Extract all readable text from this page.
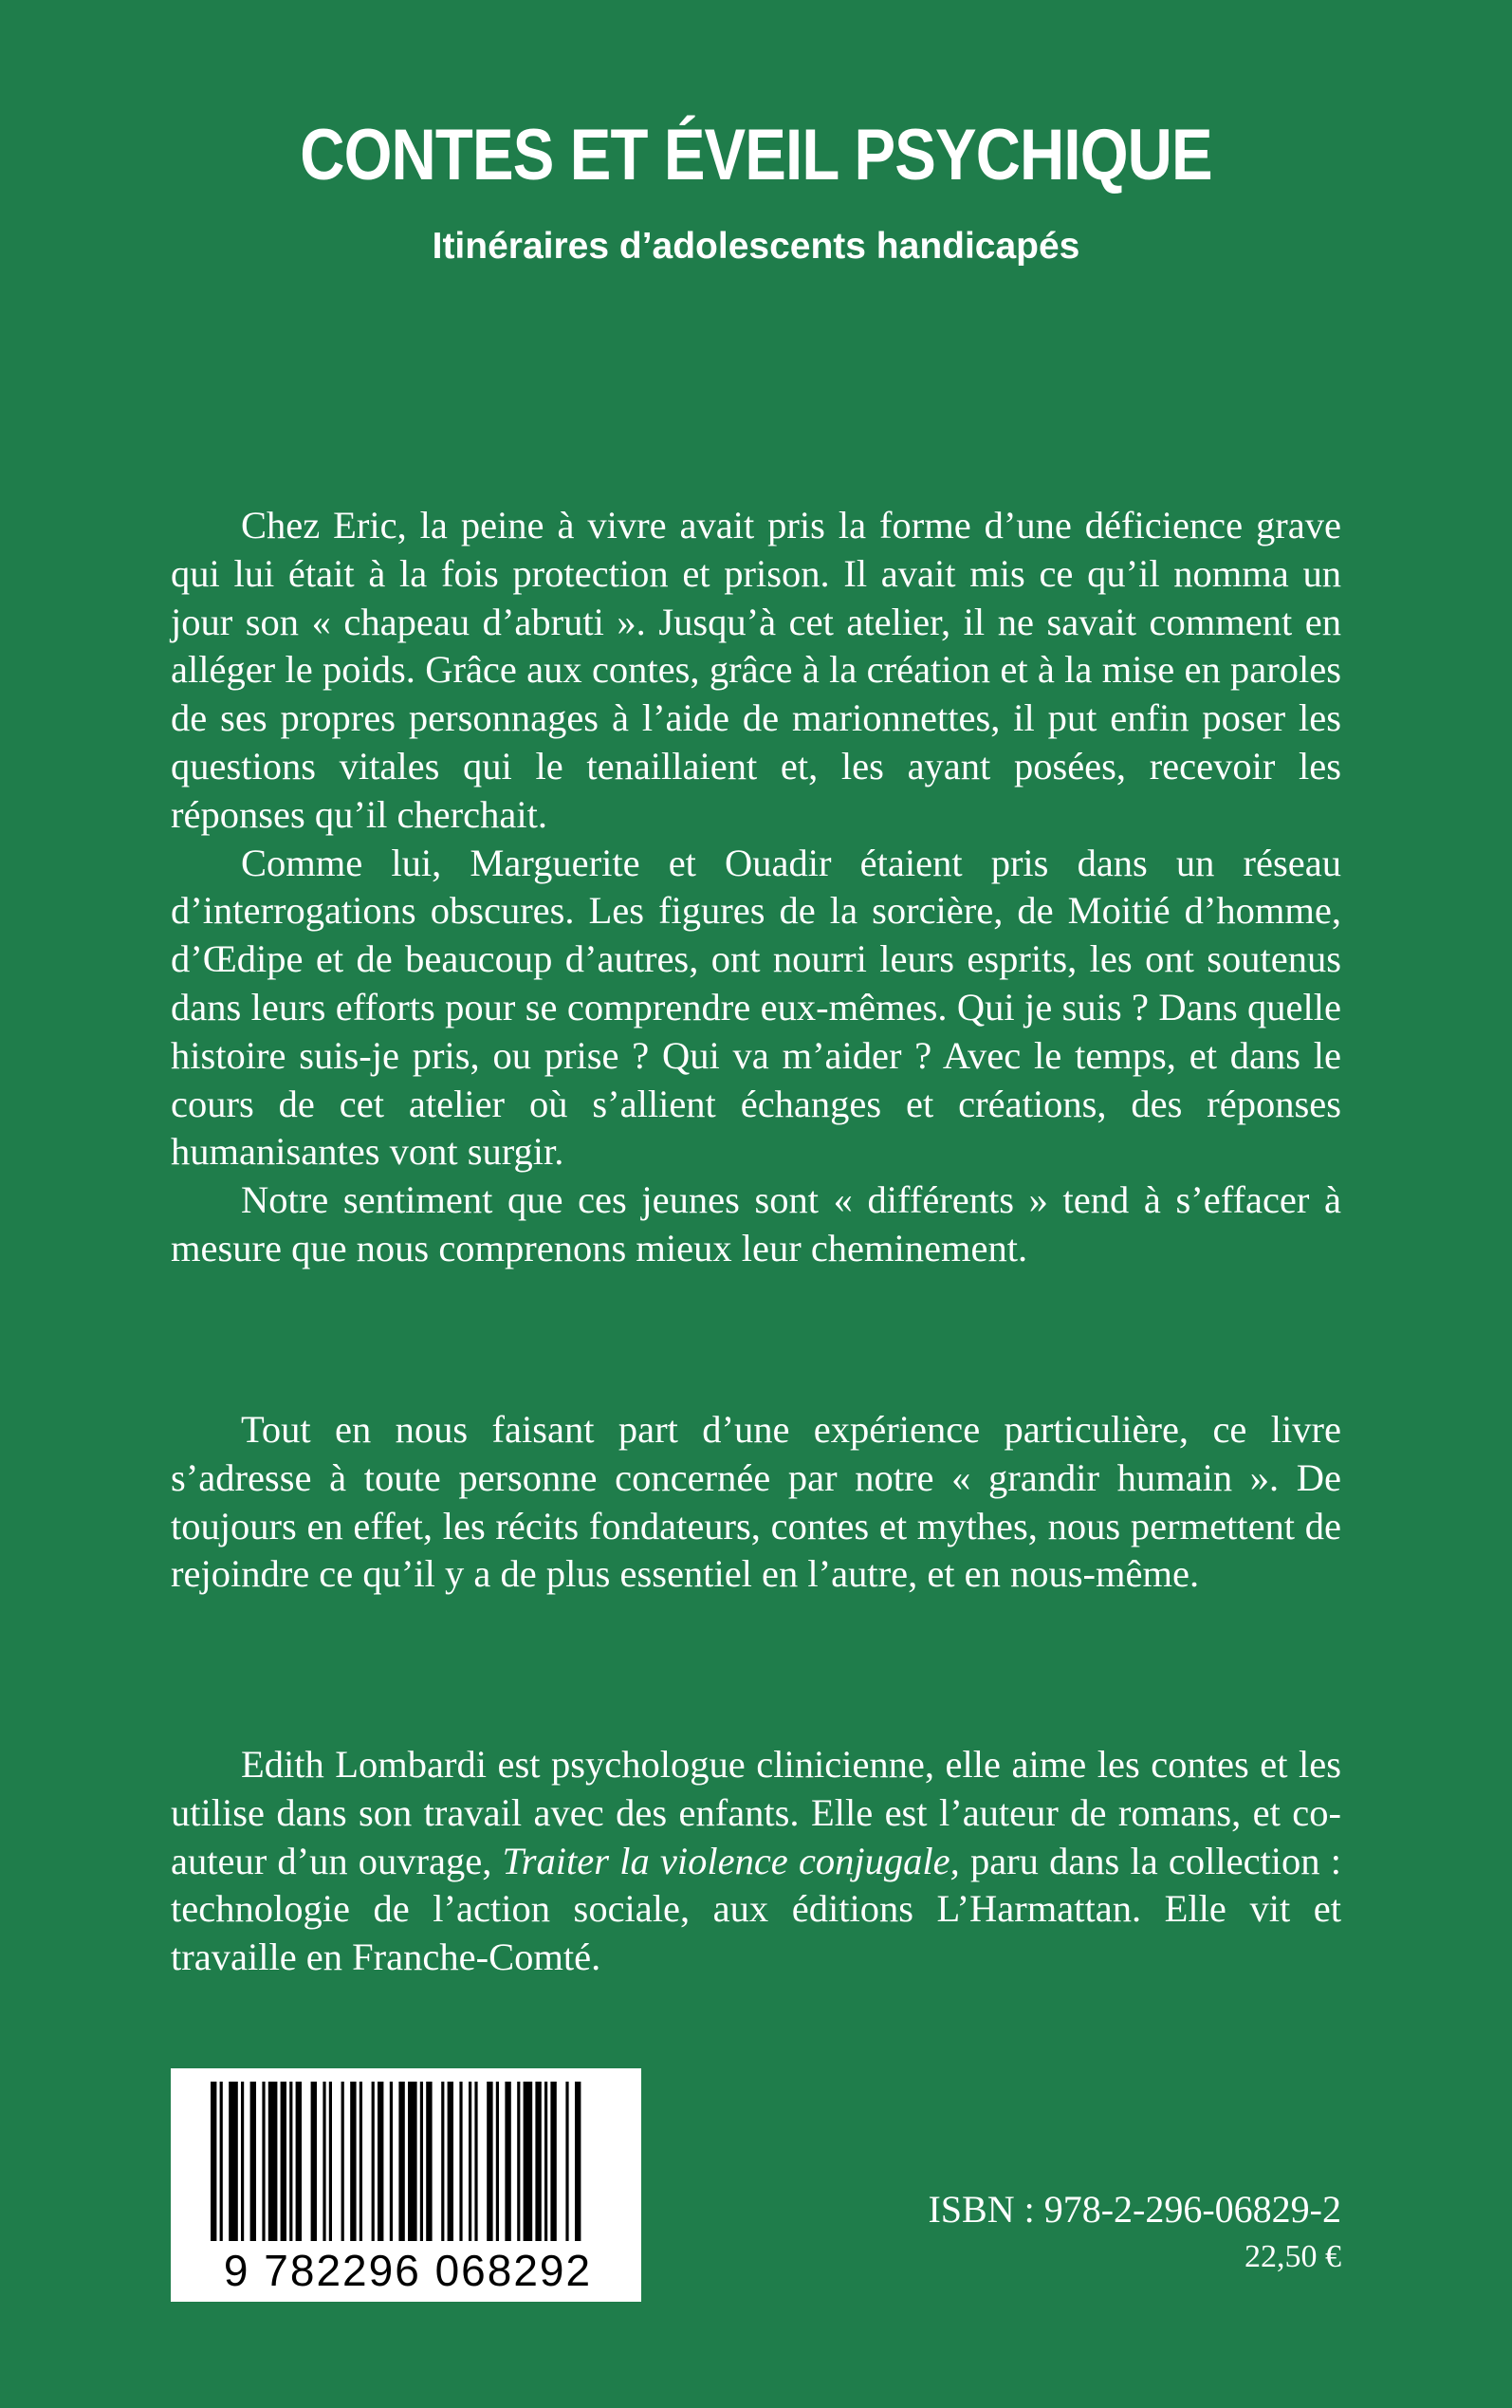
CONTES ET ÉVEIL PSYCHIQUE
Itinéraires d’adolescents handicapés

Chez Eric, la peine à vivre avait pris la forme d’une déficience grave qui lui était à la fois protection et prison. Il avait mis ce qu’il nomma un jour son « chapeau d’abruti ». Jusqu’à cet atelier, il ne savait comment en alléger le poids. Grâce aux contes, grâce à la création et à la mise en paroles de ses propres personnages à l’aide de marionnettes, il put enfin poser les questions vitales qui le tenaillaient et, les ayant posées, recevoir les réponses qu’il cherchait.

Comme lui, Marguerite et Ouadir étaient pris dans un réseau d’interrogations obscures. Les figures de la sorcière, de Moitié d’homme, d’Œdipe et de beaucoup d’autres, ont nourri leurs esprits, les ont soutenus dans leurs efforts pour se comprendre eux-mêmes. Qui je suis ? Dans quelle histoire suis-je pris, ou prise ? Qui va m’aider ? Avec le temps, et dans le cours de cet atelier où s’allient échanges et créations, des réponses humanisantes vont surgir.

Notre sentiment que ces jeunes sont « différents » tend à s’effacer à mesure que nous comprenons mieux leur cheminement.

Tout en nous faisant part d’une expérience particulière, ce livre s’adresse à toute personne concernée par notre « grandir humain ». De toujours en effet, les récits fondateurs, contes et mythes, nous permettent de rejoindre ce qu’il y a de plus essentiel en l’autre, et en nous-même.

Edith Lombardi est psychologue clinicienne, elle aime les contes et les utilise dans son travail avec des enfants. Elle est l’auteur de romans, et co-auteur d’un ouvrage, Traiter la violence conjugale, paru dans la collection : technologie de l’action sociale, aux éditions L’Harmattan. Elle vit et travaille en Franche-Comté.

9 782296 068292
ISBN : 978-2-296-06829-2
22,50 €
